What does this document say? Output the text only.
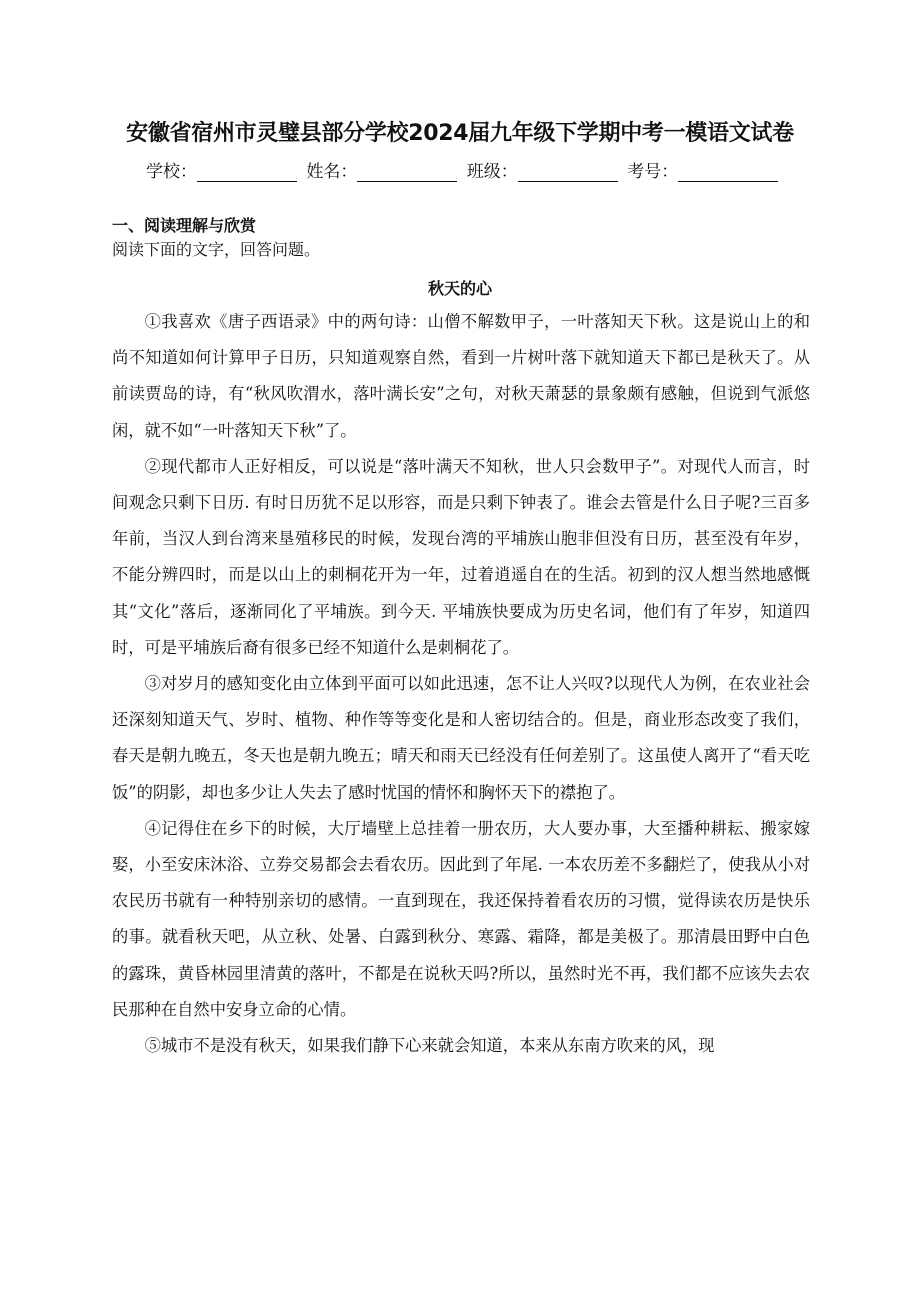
安徽省宿州市灵璧县部分学校2024届九年级下学期中考一模语文试卷
学校：	姓名：	班级：	考号：
一、阅读理解与欣赏
阅读下面的文字，回答问题。
秋天的心

①我喜欢《唐子西语录》中的两句诗：山僧不解数甲子，一叶落知天下秋。这是说山上的和尚不知道如何计算甲子日历，只知道观察自然，看到一片树叶落下就知道天下都已是秋天了。从前读贾岛的诗，有“秋风吹渭水，落叶满长安”之句，对秋天萧瑟的景象颇有感触，但说到气派悠闲，就不如“一叶落知天下秋”了。

②现代都市人正好相反，可以说是“落叶满天不知秋，世人只会数甲子”。对现代人而言，时间观念只剩下日历. 有时日历犹不足以形容，而是只剩下钟表了。谁会去管是什么日子呢?三百多年前，当汉人到台湾来垦殖移民的时候，发现台湾的平埔族山胞非但没有日历，甚至没有年岁，不能分辨四时，而是以山上的刺桐花开为一年，过着逍遥自在的生活。初到的汉人想当然地感慨其“文化”落后，逐渐同化了平埔族。到今天. 平埔族快要成为历史名词，他们有了年岁，知道四时，可是平埔族后裔有很多已经不知道什么是刺桐花了。

③对岁月的感知变化由立体到平面可以如此迅速，怎不让人兴叹?以现代人为例，在农业社会还深刻知道天气、岁时、植物、种作等等变化是和人密切结合的。但是，商业形态改变了我们，春天是朝九晚五，冬天也是朝九晚五；晴天和雨天已经没有任何差别了。这虽使人离开了“看天吃饭”的阴影，却也多少让人失去了感时忧国的情怀和胸怀天下的襟抱了。

④记得住在乡下的时候，大厅墙壁上总挂着一册农历，大人要办事，大至播种耕耘、搬家嫁娶，小至安床沐浴、立券交易都会去看农历。因此到了年尾. 一本农历差不多翻烂了，使我从小对农民历书就有一种特别亲切的感情。一直到现在，我还保持着看农历的习惯，觉得读农历是快乐的事。就看秋天吧，从立秋、处暑、白露到秋分、寒露、霜降，都是美极了。那清晨田野中白色的露珠，黄昏林园里清黄的落叶，不都是在说秋天吗?所以，虽然时光不再，我们都不应该失去农民那种在自然中安身立命的心情。

⑤城市不是没有秋天，如果我们静下心来就会知道，本来从东南方吹来的风，现
